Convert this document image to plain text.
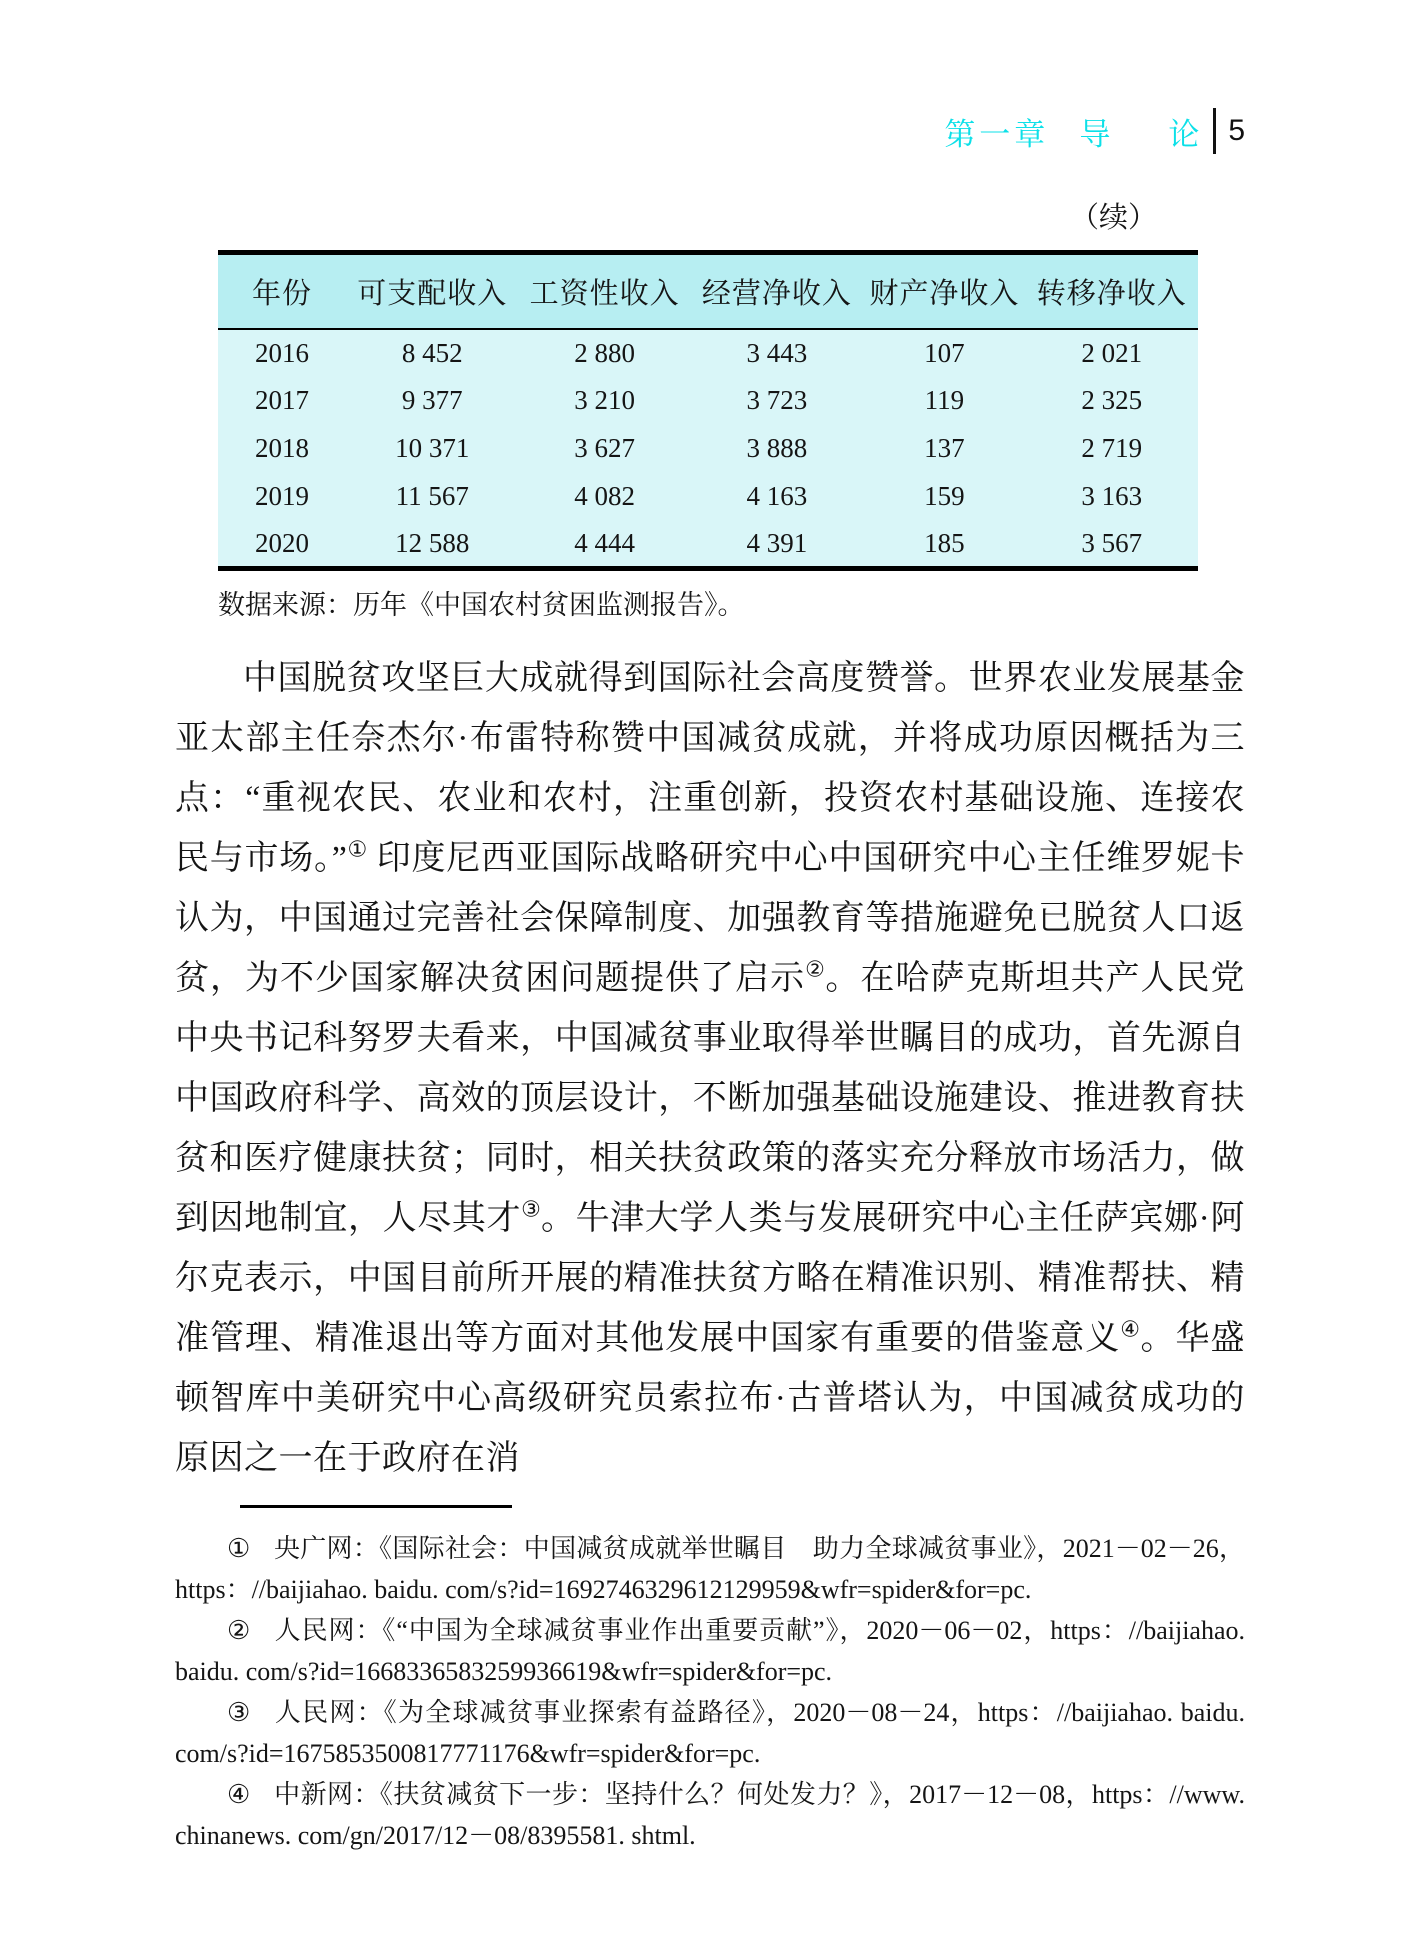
第一章 导 论 5
（续）
年份	可支配收入	工资性收入	经营净收入	财产净收入	转移净收入
2016	8 452	2 880	3 443	107	2 021
2017	9 377	3 210	3 723	119	2 325
2018	10 371	3 627	3 888	137	2 719
2019	11 567	4 082	4 163	159	3 163
2020	12 588	4 444	4 391	185	3 567
数据来源：历年《中国农村贫困监测报告》。

中国脱贫攻坚巨大成就得到国际社会高度赞誉。世界农业发展基金亚太部主任奈杰尔·布雷特称赞中国减贫成就，并将成功原因概括为三点：“重视农民、农业和农村，注重创新，投资农村基础设施、连接农民与市场。”① 印度尼西亚国际战略研究中心中国研究中心主任维罗妮卡认为，中国通过完善社会保障制度、加强教育等措施避免已脱贫人口返贫，为不少国家解决贫困问题提供了启示②。在哈萨克斯坦共产人民党中央书记科努罗夫看来，中国减贫事业取得举世瞩目的成功，首先源自中国政府科学、高效的顶层设计，不断加强基础设施建设、推进教育扶贫和医疗健康扶贫；同时，相关扶贫政策的落实充分释放市场活力，做到因地制宜，人尽其才③。牛津大学人类与发展研究中心主任萨宾娜·阿尔克表示，中国目前所开展的精准扶贫方略在精准识别、精准帮扶、精准管理、精准退出等方面对其他发展中国家有重要的借鉴意义④。华盛顿智库中美研究中心高级研究员索拉布·古普塔认为，中国减贫成功的原因之一在于政府在消

① 央广网：《国际社会：中国减贫成就举世瞩目　助力全球减贫事业》，2021－02－26，https：//baijiahao. baidu. com/s?id=1692746329612129959&wfr=spider&for=pc.

② 人民网：《“中国为全球减贫事业作出重要贡献”》，2020－06－02，https：//baijiahao. baidu. com/s?id=1668336583259936619&wfr=spider&for=pc.

③ 人民网：《为全球减贫事业探索有益路径》，2020－08－24，https：//baijiahao. baidu. com/s?id=1675853500817771176&wfr=spider&for=pc.

④ 中新网：《扶贫减贫下一步：坚持什么？何处发力？》，2017－12－08，https：//www. chinanews. com/gn/2017/12－08/8395581. shtml.
